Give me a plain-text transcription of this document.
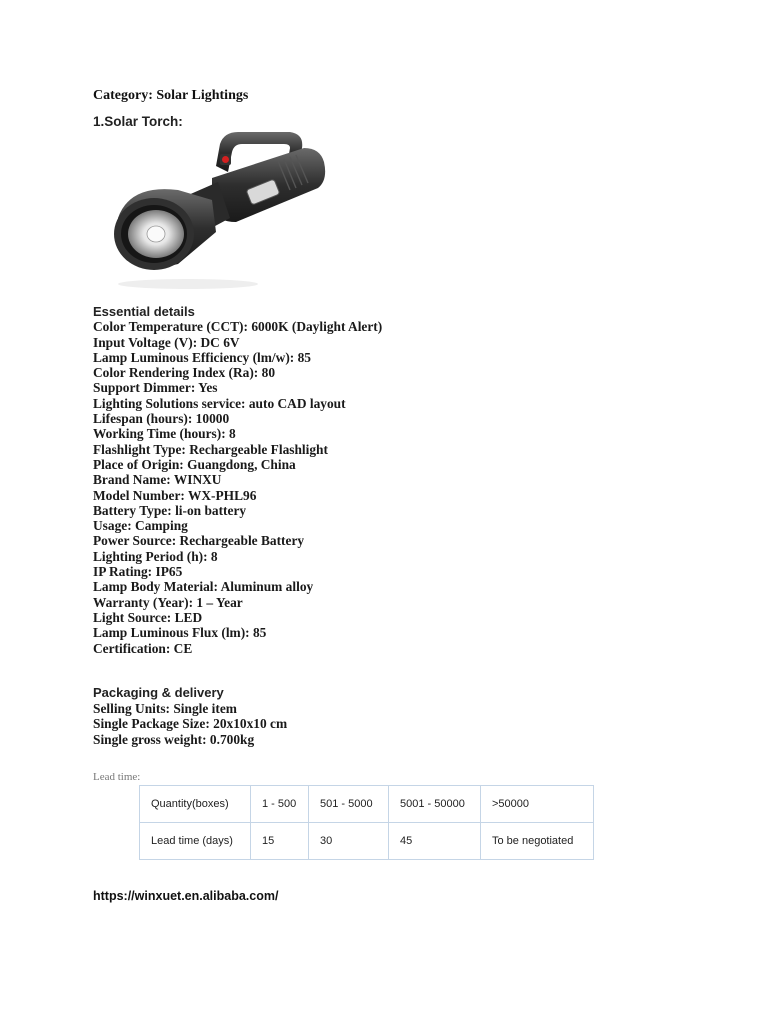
Category: Solar Lightings
1.Solar Torch:
Essential details
Color Temperature (CCT): 6000K (Daylight Alert)
Input Voltage (V): DC 6V
Lamp Luminous Efficiency (lm/w): 85
Color Rendering Index (Ra): 80
Support Dimmer: Yes
Lighting Solutions service: auto CAD layout
Lifespan (hours): 10000
Working Time (hours): 8
Flashlight Type: Rechargeable Flashlight
Place of Origin: Guangdong, China
Brand Name: WINXU
Model Number: WX-PHL96
Battery Type: li-on battery
Usage: Camping
Power Source: Rechargeable Battery
Lighting Period (h): 8
IP Rating: IP65
Lamp Body Material: Aluminum alloy
Warranty (Year): 1 – Year
Light Source: LED
Lamp Luminous Flux (lm): 85
Certification: CE
Packaging & delivery
Selling Units: Single item
Single Package Size: 20x10x10 cm
Single gross weight: 0.700kg
Lead time:
Quantity(boxes)	1 - 500	501 - 5000	5001 - 50000	>50000
Lead time (days)	15	30	45	To be negotiated
https://winxuet.en.alibaba.com/
